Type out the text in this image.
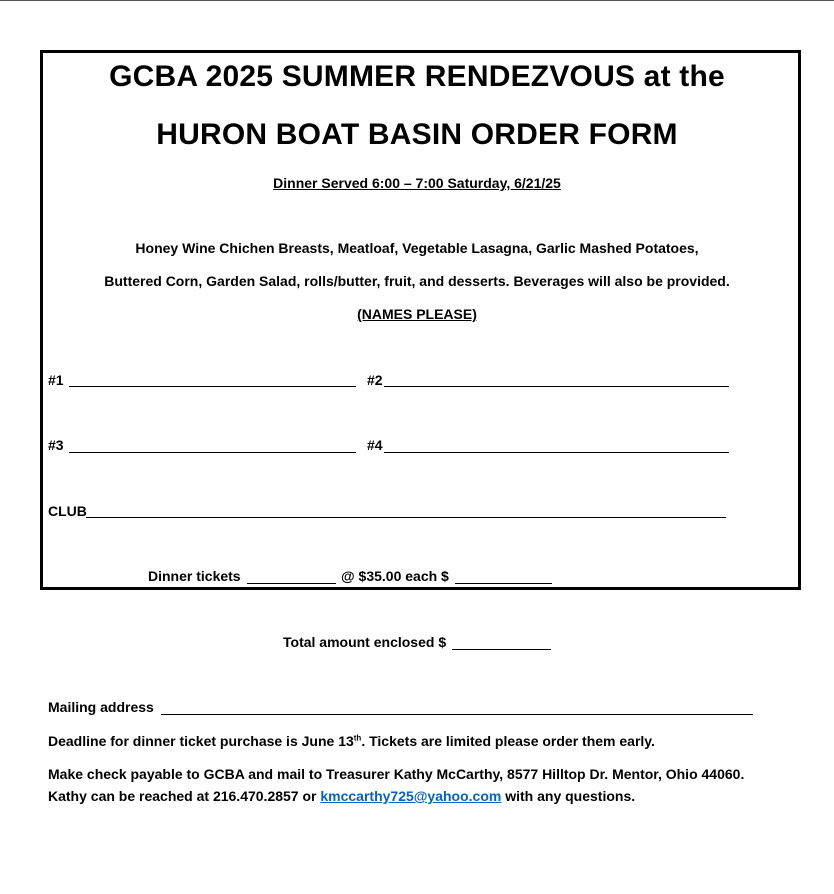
GCBA 2025 SUMMER RENDEZVOUS at the
HURON BOAT BASIN ORDER FORM
Dinner Served 6:00 – 7:00 Saturday, 6/21/25
Honey Wine Chichen Breasts, Meatloaf, Vegetable Lasagna, Garlic Mashed Potatoes,
Buttered Corn, Garden Salad, rolls/butter, fruit, and desserts. Beverages will also be provided.
(NAMES PLEASE)
#1	#2
#3	#4
CLUB
Dinner tickets	@ $35.00 each $
Total amount enclosed $
Mailing address
Deadline for dinner ticket purchase is June 13th. Tickets are limited please order them early.
Make check payable to GCBA and mail to Treasurer Kathy McCarthy, 8577 Hilltop Dr. Mentor, Ohio 44060.
Kathy can be reached at 216.470.2857 or kmccarthy725@yahoo.com with any questions.
